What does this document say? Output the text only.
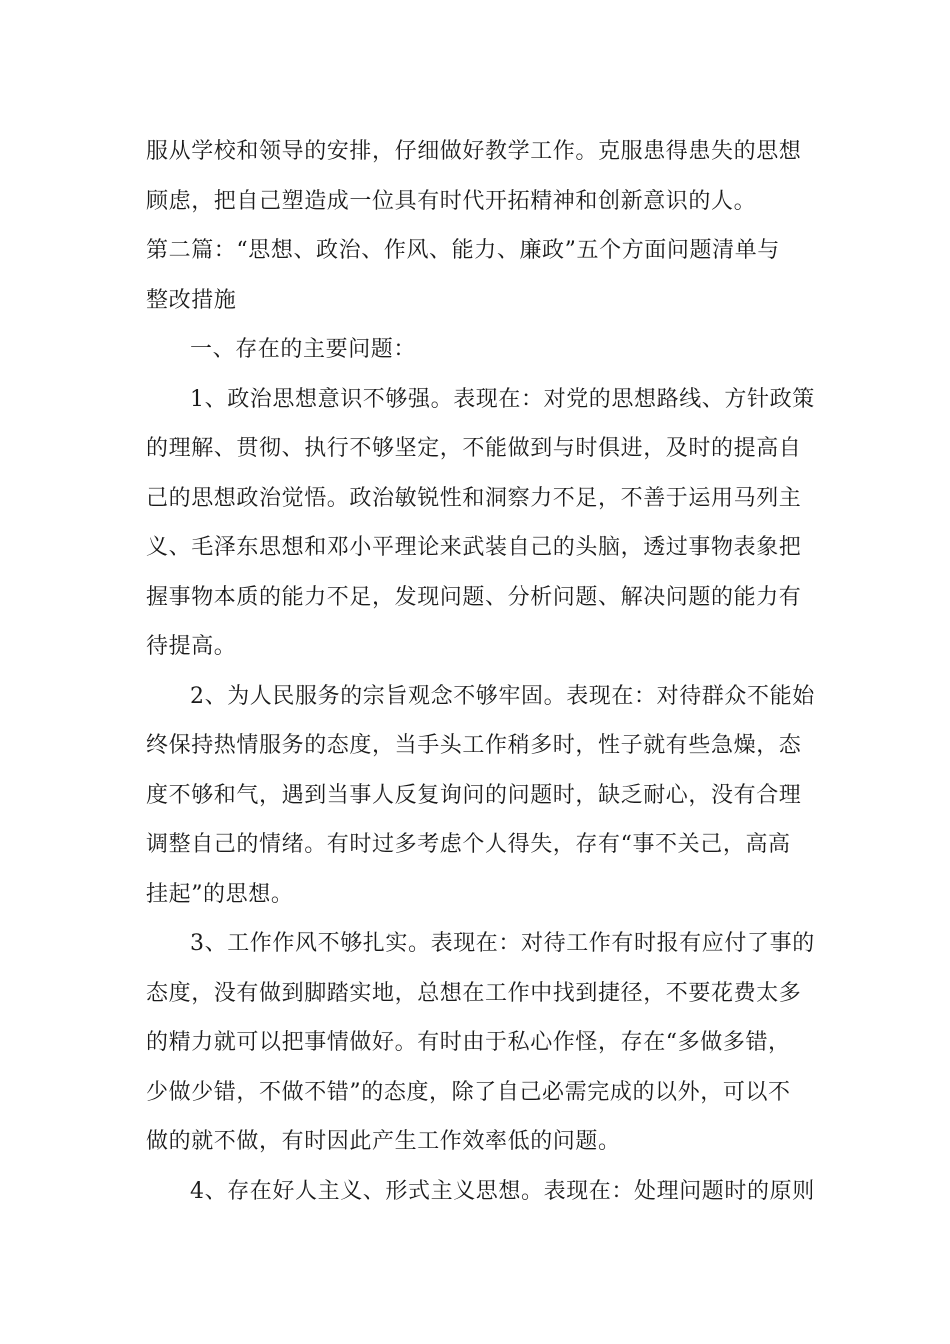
服从学校和领导的安排，仔细做好教学工作。克服患得患失的思想
顾虑，把自己塑造成一位具有时代开拓精神和创新意识的人。
第二篇：“思想、政治、作风、能力、廉政”五个方面问题清单与
整改措施
一、存在的主要问题：
1、政治思想意识不够强。表现在：对党的思想路线、方针政策
的理解、贯彻、执行不够坚定，不能做到与时俱进，及时的提高自
己的思想政治觉悟。政治敏锐性和洞察力不足，不善于运用马列主
义、毛泽东思想和邓小平理论来武装自己的头脑，透过事物表象把
握事物本质的能力不足，发现问题、分析问题、解决问题的能力有
待提高。
2、为人民服务的宗旨观念不够牢固。表现在：对待群众不能始
终保持热情服务的态度，当手头工作稍多时，性子就有些急燥，态
度不够和气，遇到当事人反复询问的问题时，缺乏耐心，没有合理
调整自己的情绪。有时过多考虑个人得失，存有“事不关己，高高
挂起”的思想。
3、工作作风不够扎实。表现在：对待工作有时报有应付了事的
态度，没有做到脚踏实地，总想在工作中找到捷径，不要花费太多
的精力就可以把事情做好。有时由于私心作怪，存在“多做多错，
少做少错，不做不错”的态度，除了自己必需完成的以外，可以不
做的就不做，有时因此产生工作效率低的问题。
4、存在好人主义、形式主义思想。表现在：处理问题时的原则
